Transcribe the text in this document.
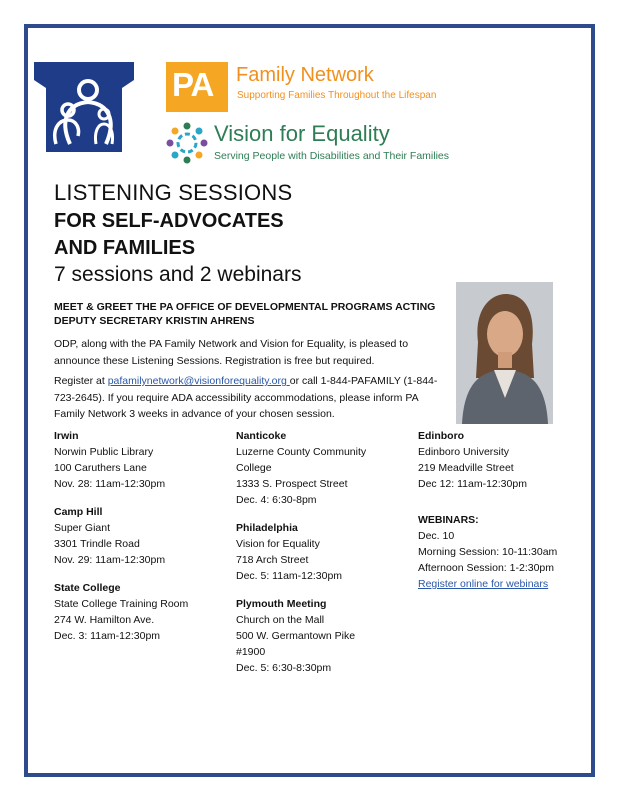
PA Family Network
Supporting Families Throughout the Lifespan
Vision for Equality
Serving People with Disabilities and Their Families
LISTENING SESSIONS
FOR SELF-ADVOCATES
AND FAMILIES
7 sessions and 2 webinars
MEET & GREET THE PA OFFICE OF DEVELOPMENTAL PROGRAMS ACTING DEPUTY SECRETARY KRISTIN AHRENS
ODP, along with the PA Family Network and Vision for Equality, is pleased to announce these Listening Sessions. Registration is free but required.
Register at pafamilynetwork@visionforequality.org or call 1-844-PAFAMILY (1-844-723-2645). If you require ADA accessibility accommodations, please inform PA Family Network 3 weeks in advance of your chosen session.
Irwin
Norwin Public Library
100 Caruthers Lane
Nov. 28: 11am-12:30pm
Camp Hill
Super Giant
3301 Trindle Road
Nov. 29: 11am-12:30pm
State College
State College Training Room
274 W. Hamilton Ave.
Dec. 3: 11am-12:30pm
Nanticoke
Luzerne County Community
College
1333 S. Prospect Street
Dec. 4: 6:30-8pm
Philadelphia
Vision for Equality
718 Arch Street
Dec. 5: 11am-12:30pm
Plymouth Meeting
Church on the Mall
500 W. Germantown Pike
#1900
Dec. 5: 6:30-8:30pm
Edinboro
Edinboro University
219 Meadville Street
Dec 12: 11am-12:30pm
WEBINARS:
Dec. 10
Morning Session: 10-11:30am
Afternoon Session: 1-2:30pm
Register online for webinars
